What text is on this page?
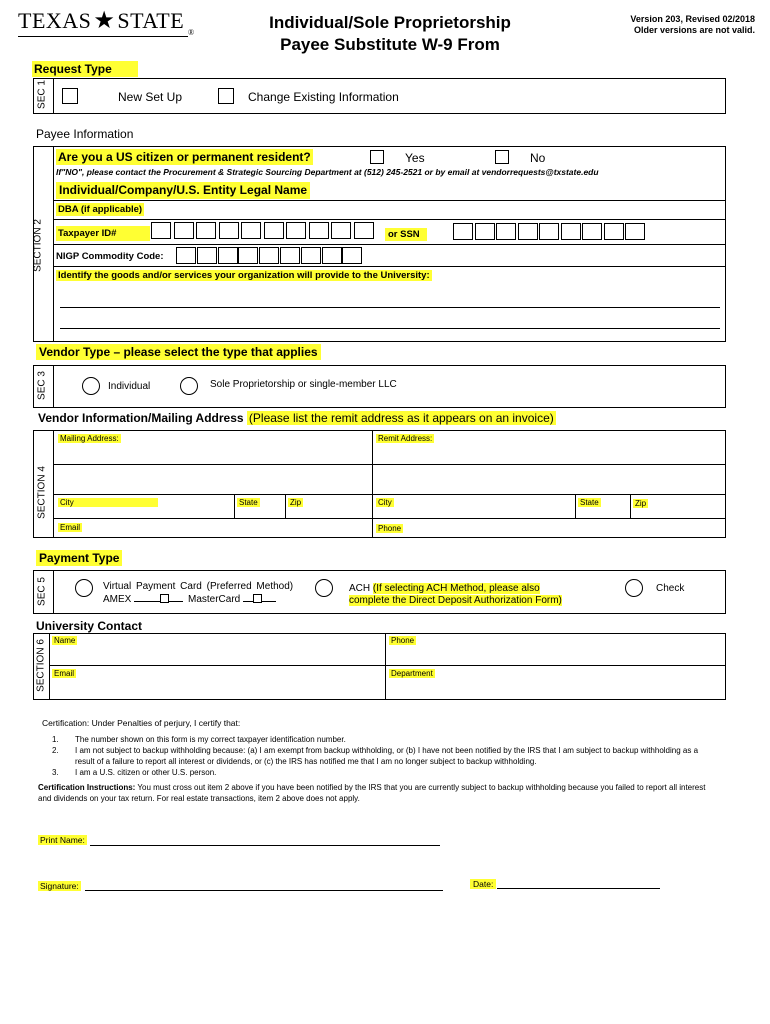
TEXAS★STATE ®
Individual/Sole Proprietorship
Payee Substitute W-9 From
Version 203, Revised 02/2018
Older versions are not valid.
Request Type
SEC 1	New Set Up	Change Existing Information
Payee Information
SECTION 2
Are you a US citizen or permanent resident?	Yes	No
If"NO", please contact the Procurement & Strategic Sourcing Department at (512) 245-2521 or by email at vendorrequests@txstate.edu
Individual/Company/U.S. Entity Legal Name
DBA (if applicable)
Taxpayer ID#	or SSN
NIGP Commodity Code:
Identify the goods and/or services your organization will provide to the University:
Vendor Type – please select the type that applies
SEC 3	Individual	Sole Proprietorship or single-member LLC
Vendor Information/Mailing Address (Please list the remit address as it appears on an invoice)
SECTION 4
Mailing Address:	Remit Address:
City	State	Zip	City	State	Zip
Email	Phone
Payment Type
SEC 5	Virtual Payment Card (Preferred Method)
AMEX	MasterCard
ACH (If selecting ACH Method, please also
complete the Direct Deposit Authorization Form)
Check
University Contact
SECTION 6 Name	Phone
Email	Department
Certification: Under Penalties of perjury, I certify that:
1.	The number shown on this form is my correct taxpayer identification number.
2.	I am not subject to backup withholding because: (a) I am exempt from backup withholding, or (b) I have not been notified by the IRS that I am subject to backup withholding as a result of a failure to report all interest or dividends, or (c) the IRS has notified me that I am no longer subject to backup withholding.
3.	I am a U.S. citizen or other U.S. person.
Certification Instructions: You must cross out item 2 above if you have been notified by the IRS that you are currently subject to backup withholding because you failed to report all interest and dividends on your tax return. For real estate transactions, item 2 above does not apply.
Print Name:
Signature:	Date:
